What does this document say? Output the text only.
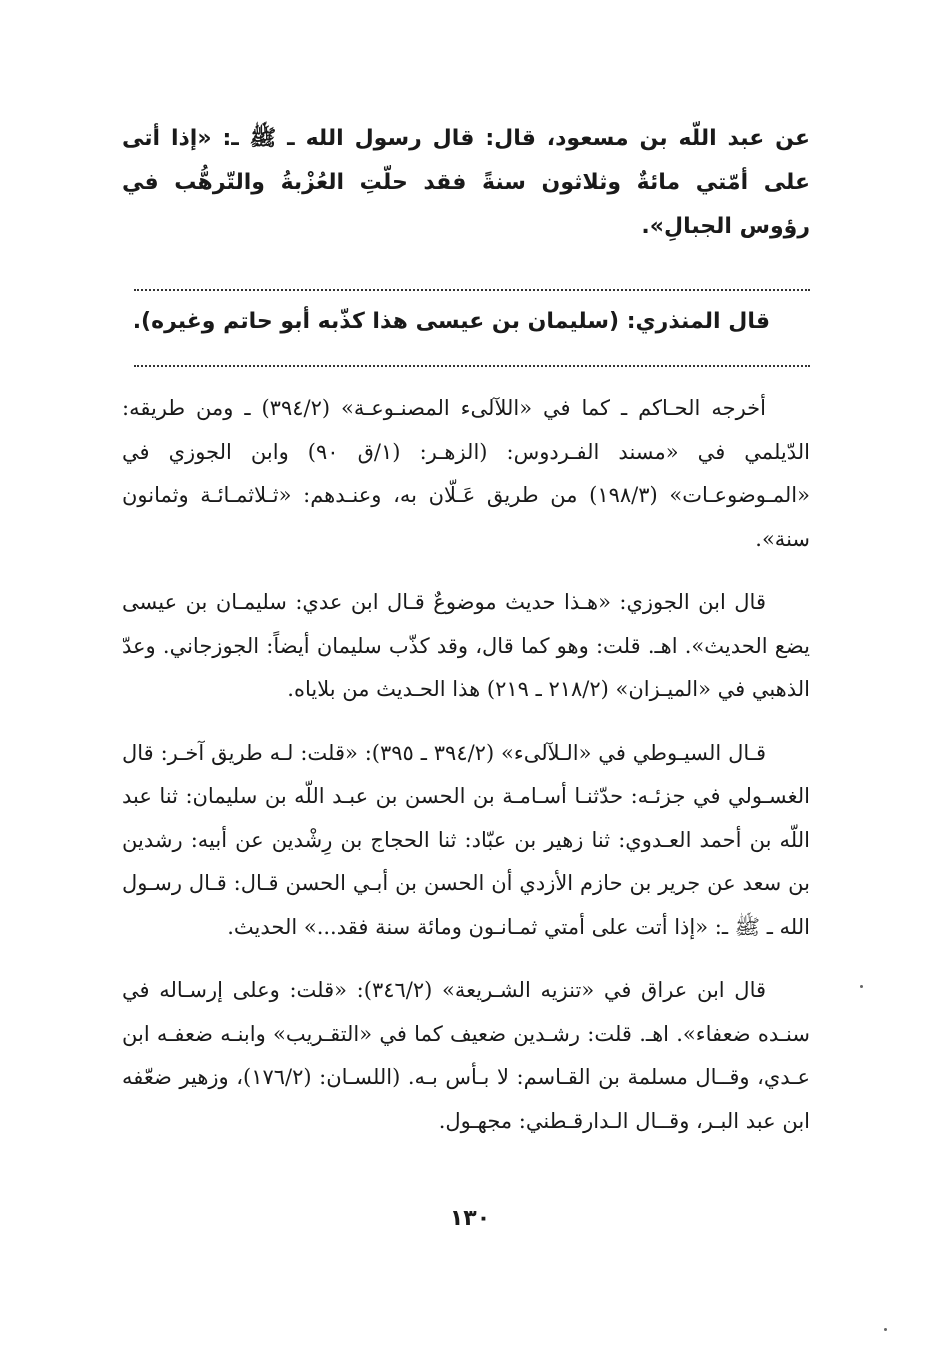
عن عبد اللّه بن مسعود، قال: قال رسول الله ـ ﷺ ـ: «إذا أتى على أمّتي مائةٌ وثلاثون سنةً فقد حلّتِ العُزْبةُ والتّرهُّب في رؤوس الجبالِ».

قال المنذري: (سليمان بن عيسى هذا كذّبه أبو حاتم وغيره).

أخرجه الحـاكم ـ كما في «اللآلىء المصنـوعـة» (٣٩٤/٢) ـ ومن طريقه: الدّيلمي في «مسند الفـردوس: (الزهـر: (١/ق ٩٠) وابن الجوزي في «المـوضوعـات» (١٩٨/٣) من طريق عَـلّان به، وعنـدهم: «ثـلاثمـائـة وثمانون سنة».

قال ابن الجوزي: «هـذا حديث موضوعٌ قـال ابن عدي: سليمـان بن عيسى يضع الحديث». اهـ. قلت: وهو كما قال، وقد كذّب سليمان أيضاً: الجوزجاني. وعدّ الذهبي في «الميـزان» (٢١٨/٢ ـ ٢١٩) هذا الحـديث من بلاياه.

قـال السيـوطي في «الـلآلىء» (٣٩٤/٢ ـ ٣٩٥): «قلت: لـه طريق آخـر: قال الغسـولي في جزئـه: حدّثنـا أسـامـة بن الحسن بن عبـد اللّه بن سليمان: ثنا عبد اللّه بن أحمد العـدوي: ثنا زهير بن عبّاد: ثنا الحجاج بن رِشْدين عن أبيه: رشدين بن سعد عن جرير بن حازم الأزدي أن الحسن بن أبـي الحسن قـال: قـال رسـول الله ـ ﷺ ـ: «إذا أتت على أمتي ثمـانـون ومائة سنة فقد...» الحديث.

قال ابن عراق في «تنزيه الشـريعة» (٣٤٦/٢): «قلت: وعلى إرسـاله في سنـده ضعفاء». اهـ. قلت: رشـدين ضعيف كما في «التقـريب» وابنـه ضعفـه ابن عـدي، وقــال مسلمة بن القـاسم: لا بـأس بـه. (اللسـان: (١٧٦/٢)، وزهير ضعّفه ابن عبد البـر، وقــال الـدارقـطني: مجهـول.

١٣٠
